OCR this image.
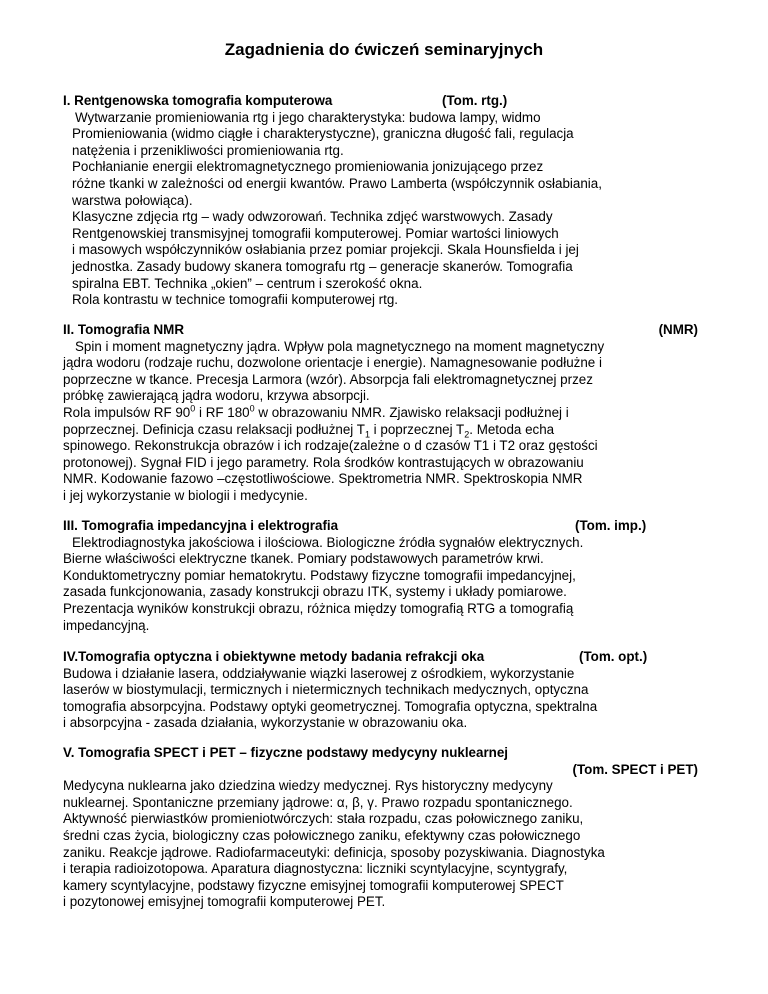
Zagadnienia do ćwiczeń seminaryjnych
I. Rentgenowska tomografia komputerowa	(Tom. rtg.)
Wytwarzanie promieniowania rtg i jego charakterystyka: budowa lampy, widmo
Promieniowania (widmo ciągłe i charakterystyczne), graniczna długość fali, regulacja
natężenia i przenikliwości promieniowania rtg.
Pochłanianie energii elektromagnetycznego promieniowania jonizującego przez
różne tkanki w zależności od energii kwantów. Prawo Lamberta (współczynnik osłabiania,
warstwa połowiąca).
Klasyczne zdjęcia rtg – wady odwzorowań. Technika zdjęć warstwowych. Zasady
Rentgenowskiej transmisyjnej tomografii komputerowej. Pomiar wartości liniowych
i masowych współczynników osłabiania przez pomiar projekcji. Skala Hounsfielda i jej
jednostka. Zasady budowy skanera tomografu rtg – generacje skanerów. Tomografia
spiralna EBT. Technika „okien” – centrum i szerokość okna.
Rola kontrastu w technice tomografii komputerowej rtg.
II. Tomografia NMR	(NMR)
Spin i moment magnetyczny jądra. Wpływ pola magnetycznego na moment magnetyczny
jądra wodoru (rodzaje ruchu, dozwolone orientacje i energie). Namagnesowanie podłużne i
poprzeczne w tkance. Precesja Larmora (wzór). Absorpcja fali elektromagnetycznej przez
próbkę zawierającą jądra wodoru, krzywa absorpcji.
Rola impulsów RF $90^0$ i RF $180^0$ w obrazowaniu NMR. Zjawisko relaksacji podłużnej i
poprzecznej. Definicja czasu relaksacji podłużnej $T_1$ i poprzecznej $T_2$. Metoda echa
spinowego. Rekonstrukcja obrazów i ich rodzaje(zależne o d czasów T1 i T2 oraz gęstości
protonowej). Sygnał FID i jego parametry. Rola środków kontrastujących w obrazowaniu
NMR. Kodowanie fazowo –częstotliwościowe. Spektrometria NMR. Spektroskopia NMR
i jej wykorzystanie w biologii i medycynie.
III. Tomografia impedancyjna i elektrografia	(Tom. imp.)
Elektrodiagnostyka jakościowa i ilościowa. Biologiczne źródła sygnałów elektrycznych.
Bierne właściwości elektryczne tkanek. Pomiary podstawowych parametrów krwi.
Konduktometryczny pomiar hematokrytu. Podstawy fizyczne tomografii impedancyjnej,
zasada funkcjonowania, zasady konstrukcji obrazu ITK, systemy i układy pomiarowe.
Prezentacja wyników konstrukcji obrazu, różnica między tomografią RTG a tomografią
impedancyjną.
IV.Tomografia optyczna i obiektywne metody badania refrakcji oka	(Tom. opt.)
Budowa i działanie lasera, oddziaływanie wiązki laserowej z ośrodkiem, wykorzystanie
laserów w biostymulacji, termicznych i nietermicznych technikach medycznych, optyczna
tomografia absorpcyjna. Podstawy optyki geometrycznej. Tomografia optyczna, spektralna
i absorpcyjna - zasada działania, wykorzystanie w obrazowaniu oka.
V. Tomografia SPECT i PET – fizyczne podstawy medycyny nuklearnej
(Tom. SPECT i PET)
Medycyna nuklearna jako dziedzina wiedzy medycznej. Rys historyczny medycyny
nuklearnej. Spontaniczne przemiany jądrowe: α, β, γ. Prawo rozpadu spontanicznego.
Aktywność pierwiastków promieniotwórczych: stała rozpadu, czas połowicznego zaniku,
średni czas życia, biologiczny czas połowicznego zaniku, efektywny czas połowicznego
zaniku. Reakcje jądrowe. Radiofarmaceutyki: definicja, sposoby pozyskiwania. Diagnostyka
i terapia radioizotopowa. Aparatura diagnostyczna: liczniki scyntylacyjne, scyntygrafy,
kamery scyntylacyjne, podstawy fizyczne emisyjnej tomografii komputerowej SPECT
i pozytonowej emisyjnej tomografii komputerowej PET.
